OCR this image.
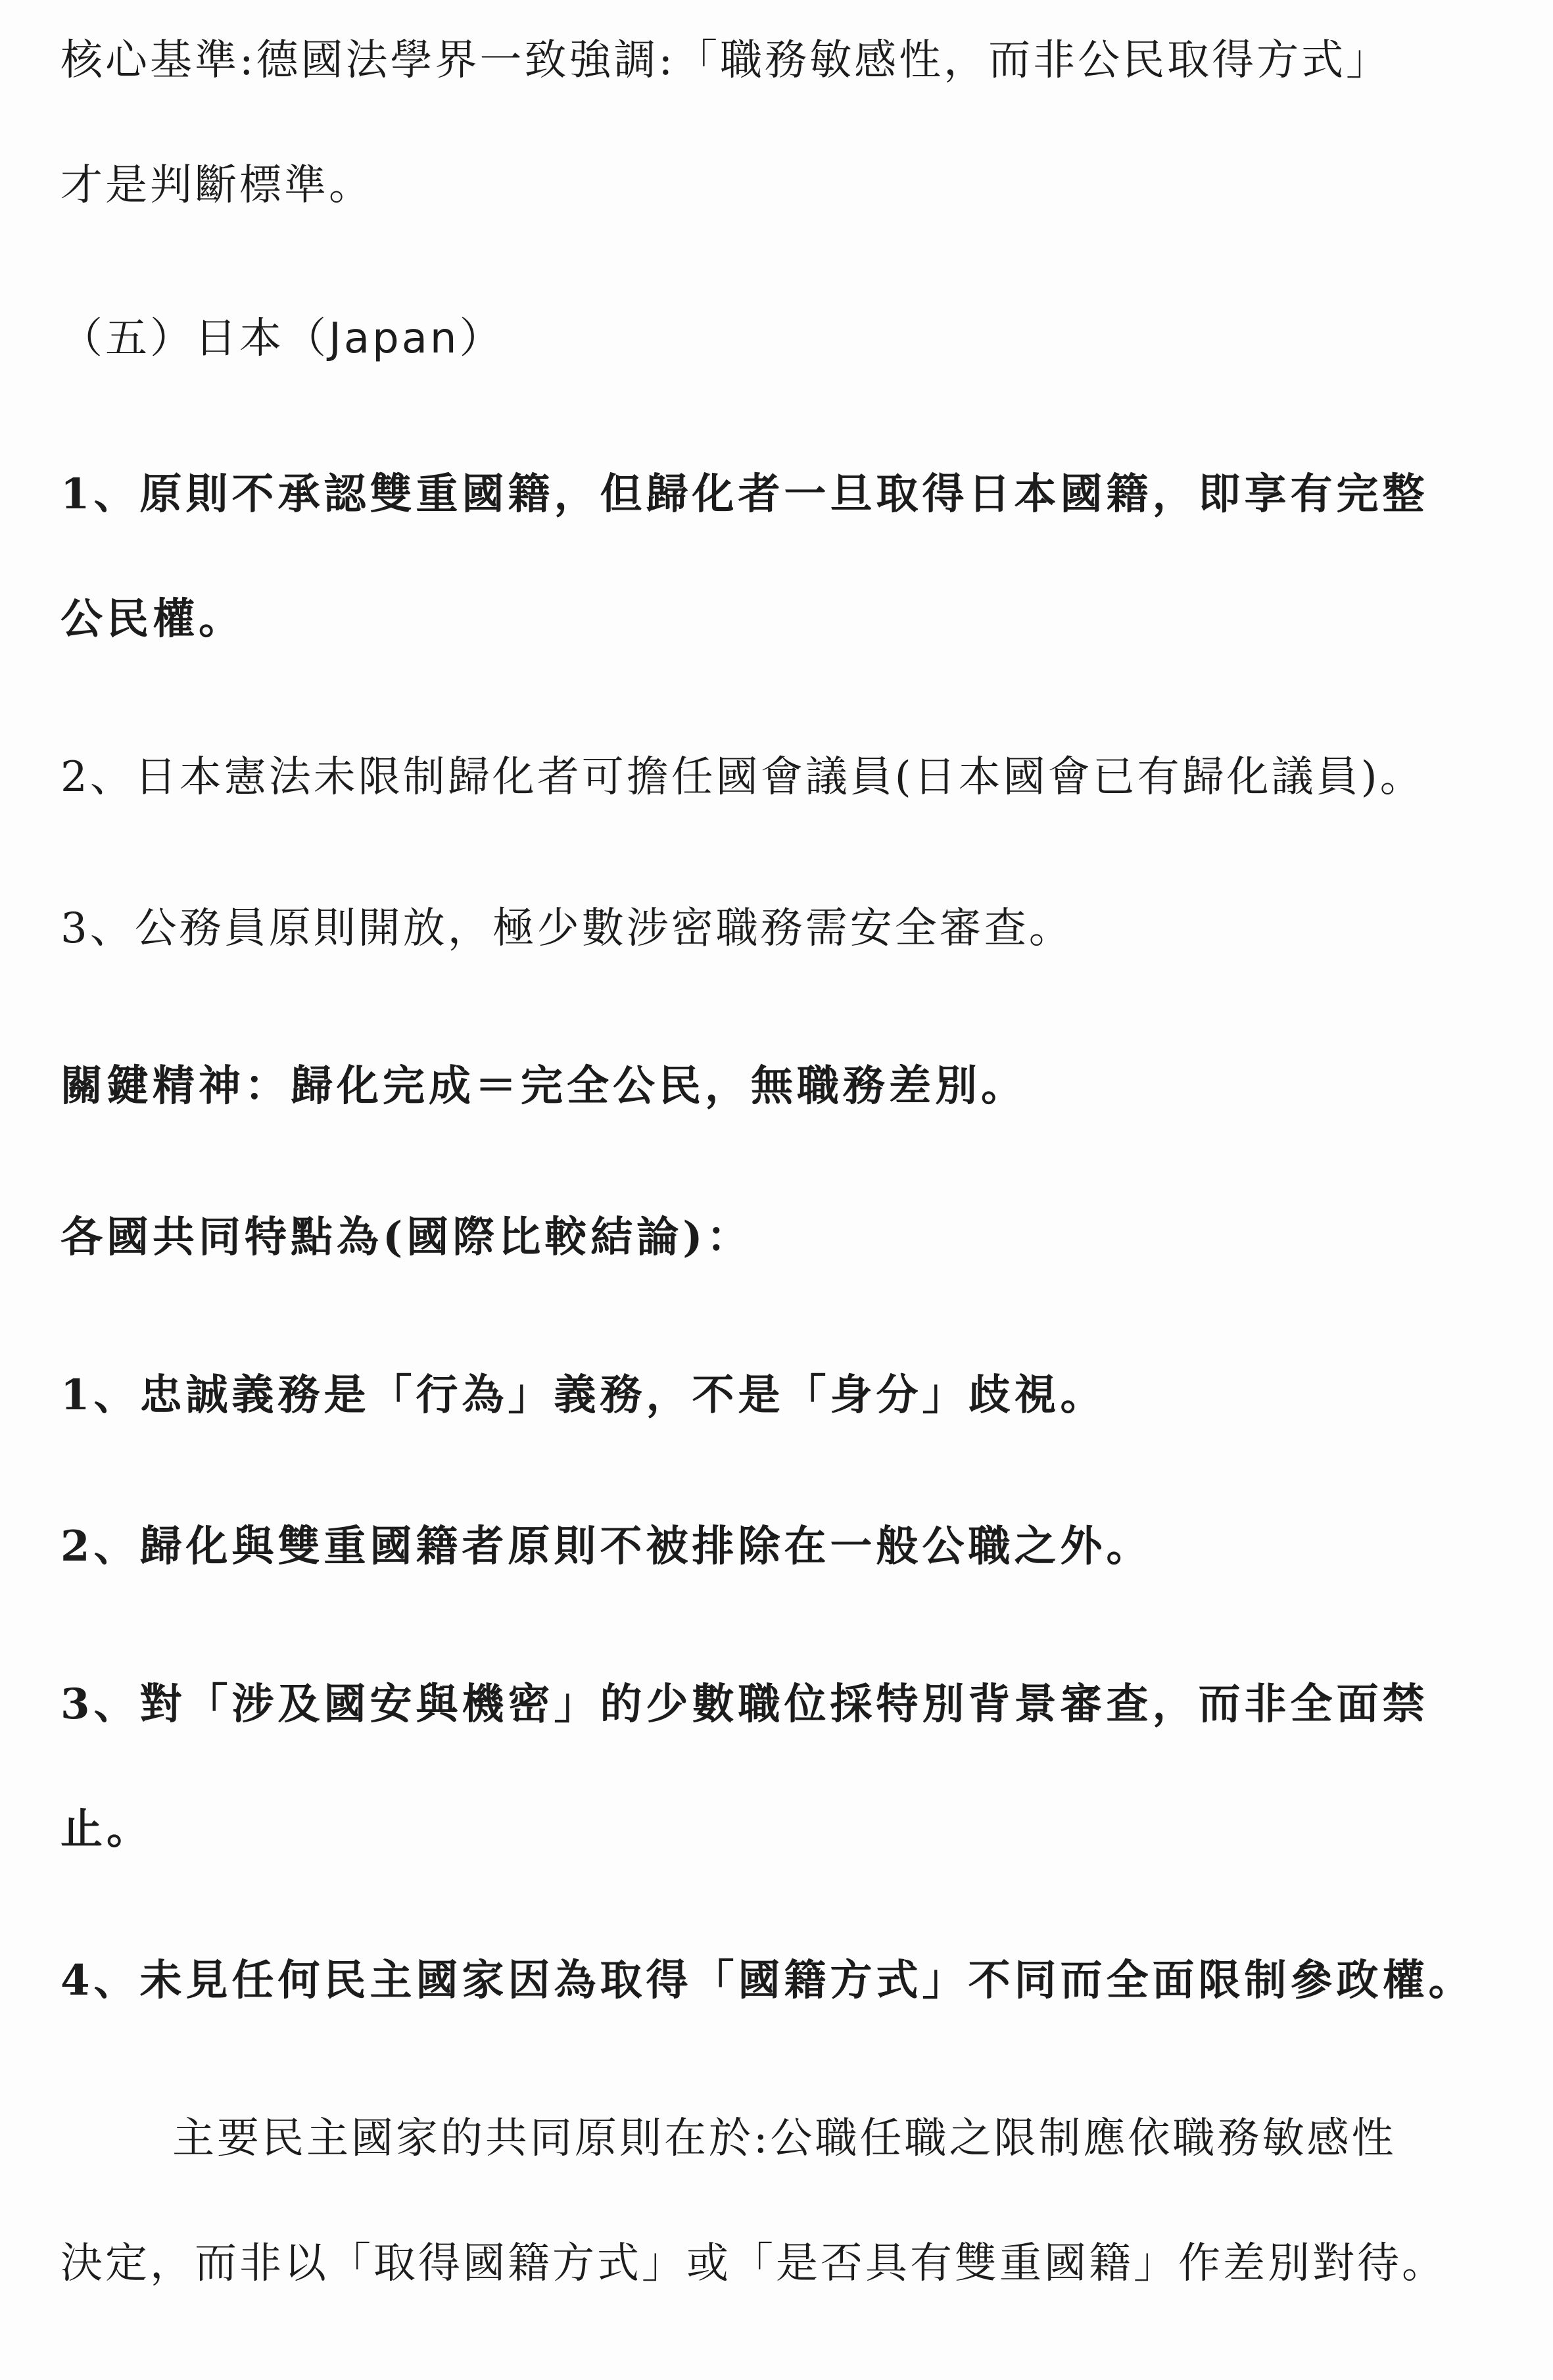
核心基準:德國法學界一致強調:「職務敏感性，而非公民取得方式」
才是判斷標準。
（五）日本（Japan）
1、原則不承認雙重國籍，但歸化者一旦取得日本國籍，即享有完整
公民權。
2、日本憲法未限制歸化者可擔任國會議員(日本國會已有歸化議員)。
3、公務員原則開放，極少數涉密職務需安全審查。
關鍵精神：歸化完成＝完全公民，無職務差別。
各國共同特點為(國際比較結論)：
1、忠誠義務是「行為」義務，不是「身分」歧視。
2、歸化與雙重國籍者原則不被排除在一般公職之外。
3、對「涉及國安與機密」的少數職位採特別背景審查，而非全面禁
止。
4、未見任何民主國家因為取得「國籍方式」不同而全面限制參政權。
主要民主國家的共同原則在於:公職任職之限制應依職務敏感性
決定，而非以「取得國籍方式」或「是否具有雙重國籍」作差別對待。
